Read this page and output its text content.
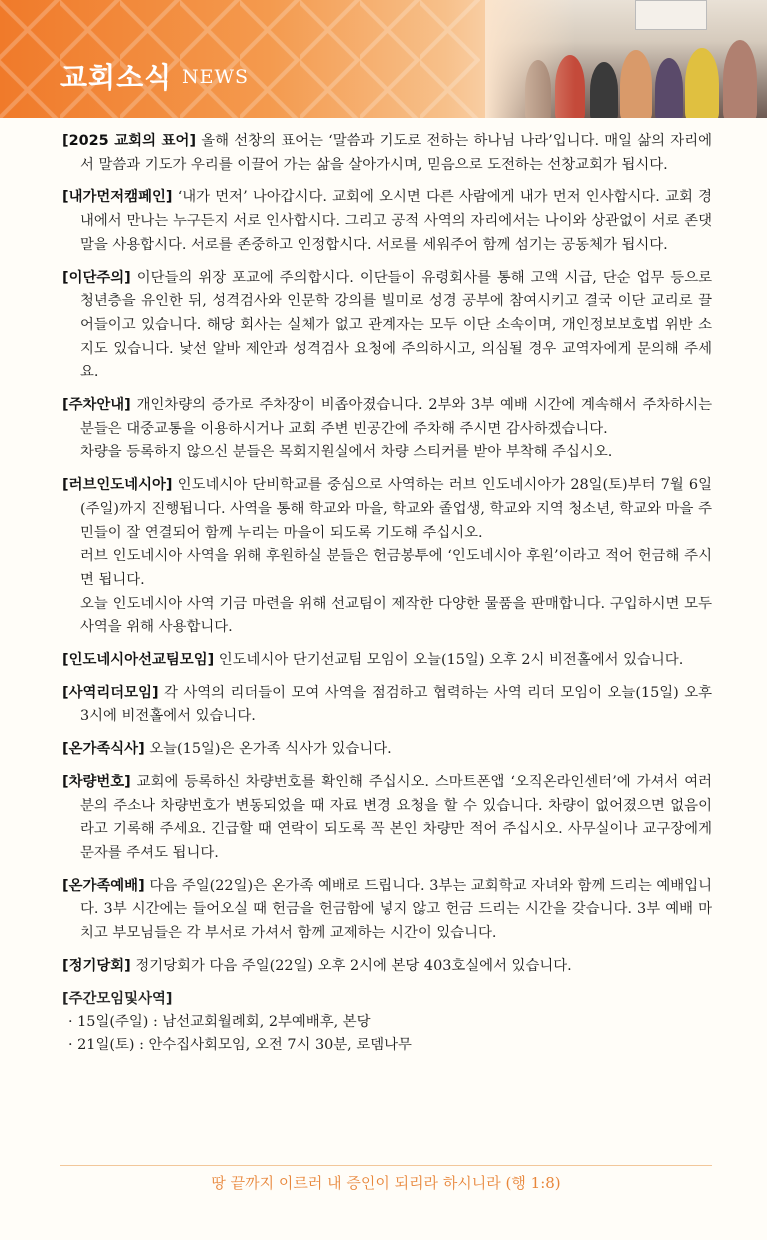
교회소식 NEWS
[2025 교회의 표어] 올해 선창의 표어는 ‘말씀과 기도로 전하는 하나님 나라’입니다. 매일 삶의 자리에서 말씀과 기도가 우리를 이끌어 가는 삶을 살아가시며, 믿음으로 도전하는 선창교회가 됩시다.
[내가먼저캠페인] ‘내가 먼저’ 나아갑시다. 교회에 오시면 다른 사람에게 내가 먼저 인사합시다. 교회 경내에서 만나는 누구든지 서로 인사합시다. 그리고 공적 사역의 자리에서는 나이와 상관없이 서로 존댓말을 사용합시다. 서로를 존중하고 인정합시다. 서로를 세워주어 함께 섬기는 공동체가 됩시다.
[이단주의] 이단들의 위장 포교에 주의합시다. 이단들이 유령회사를 통해 고액 시급, 단순 업무 등으로 청년층을 유인한 뒤, 성격검사와 인문학 강의를 빌미로 성경 공부에 참여시키고 결국 이단 교리로 끌어들이고 있습니다. 해당 회사는 실체가 없고 관계자는 모두 이단 소속이며, 개인정보보호법 위반 소지도 있습니다. 낯선 알바 제안과 성격검사 요청에 주의하시고, 의심될 경우 교역자에게 문의해 주세요.
[주차안내] 개인차량의 증가로 주차장이 비좁아졌습니다. 2부와 3부 예배 시간에 계속해서 주차하시는 분들은 대중교통을 이용하시거나 교회 주변 빈공간에 주차해 주시면 감사하겠습니다.
차량을 등록하지 않으신 분들은 목회지원실에서 차량 스티커를 받아 부착해 주십시오.
[러브인도네시아] 인도네시아 단비학교를 중심으로 사역하는 러브 인도네시아가 28일(토)부터 7월 6일(주일)까지 진행됩니다. 사역을 통해 학교와 마을, 학교와 졸업생, 학교와 지역 청소년, 학교와 마을 주민들이 잘 연결되어 함께 누리는 마을이 되도록 기도해 주십시오.
러브 인도네시아 사역을 위해 후원하실 분들은 헌금봉투에 ‘인도네시아 후원’이라고 적어 헌금해 주시면 됩니다.
오늘 인도네시아 사역 기금 마련을 위해 선교팀이 제작한 다양한 물품을 판매합니다. 구입하시면 모두 사역을 위해 사용합니다.
[인도네시아선교팀모임] 인도네시아 단기선교팀 모임이 오늘(15일) 오후 2시 비전홀에서 있습니다.
[사역리더모임] 각 사역의 리더들이 모여 사역을 점검하고 협력하는 사역 리더 모임이 오늘(15일) 오후 3시에 비전홀에서 있습니다.
[온가족식사] 오늘(15일)은 온가족 식사가 있습니다.
[차량번호] 교회에 등록하신 차량번호를 확인해 주십시오. 스마트폰앱 ‘오직온라인센터’에 가셔서 여러분의 주소나 차량번호가 변동되었을 때 자료 변경 요청을 할 수 있습니다. 차량이 없어졌으면 없음이라고 기록해 주세요. 긴급할 때 연락이 되도록 꼭 본인 차량만 적어 주십시오. 사무실이나 교구장에게 문자를 주셔도 됩니다.
[온가족예배] 다음 주일(22일)은 온가족 예배로 드립니다. 3부는 교회학교 자녀와 함께 드리는 예배입니다. 3부 시간에는 들어오실 때 헌금을 헌금함에 넣지 않고 헌금 드리는 시간을 갖습니다. 3부 예배 마치고 부모님들은 각 부서로 가셔서 함께 교제하는 시간이 있습니다.
[정기당회] 정기당회가 다음 주일(22일) 오후 2시에 본당 403호실에서 있습니다.
[주간모임및사역]
· 15일(주일) : 남선교회월례회, 2부예배후, 본당
· 21일(토) : 안수집사회모임, 오전 7시 30분, 로뎀나무
땅 끝까지 이르러 내 증인이 되리라 하시니라 (행 1:8)
